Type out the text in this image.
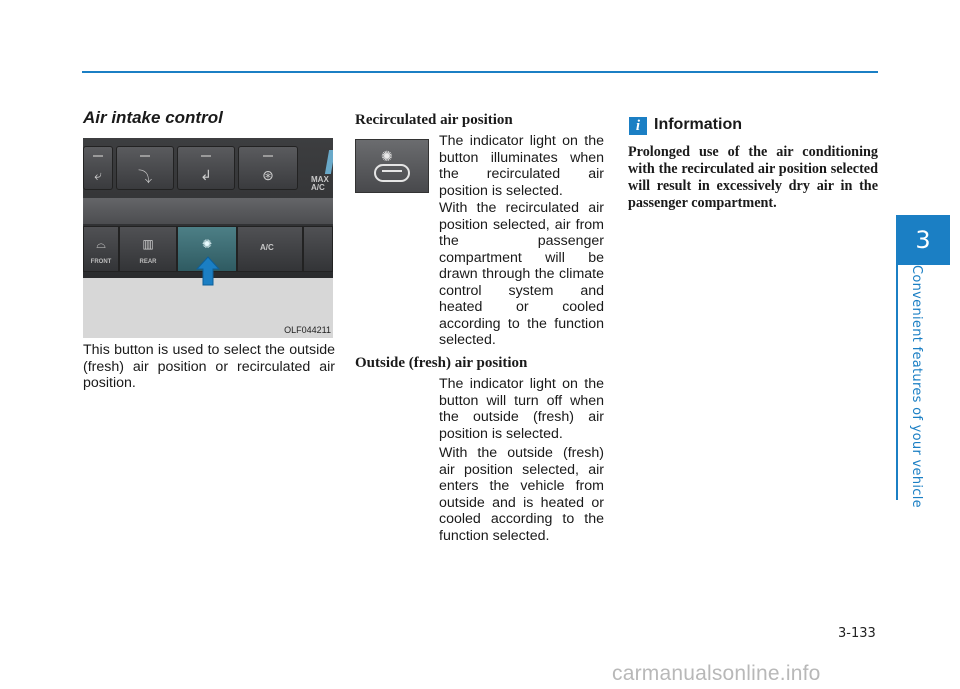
3
Convenient features of your vehicle
Air intake control
⤶	⤵	↲	⊛	MAX
A/C
⌓
FRONT
▥
REAR
✺	A/C
OLF044211
This button is used to select the outside (fresh) air position or recirculated air position.
Recirculated air position
✺
The indicator light on the button illuminates when the recirculated air position is selected.
With the recirculated air position selected, air from the passenger compartment will be drawn through the climate control system and heated or cooled according to the function selected.
Outside (fresh) air position
The indicator light on the button will turn off when the outside (fresh) air position is selected.
With the outside (fresh) air position selected, air enters the vehicle from outside and is heated or cooled according to the function selected.
i Information
Prolonged use of the air conditioning with the recirculated air position selected will result in excessively dry air in the passenger compartment.
3-133
carmanualsonline.info
